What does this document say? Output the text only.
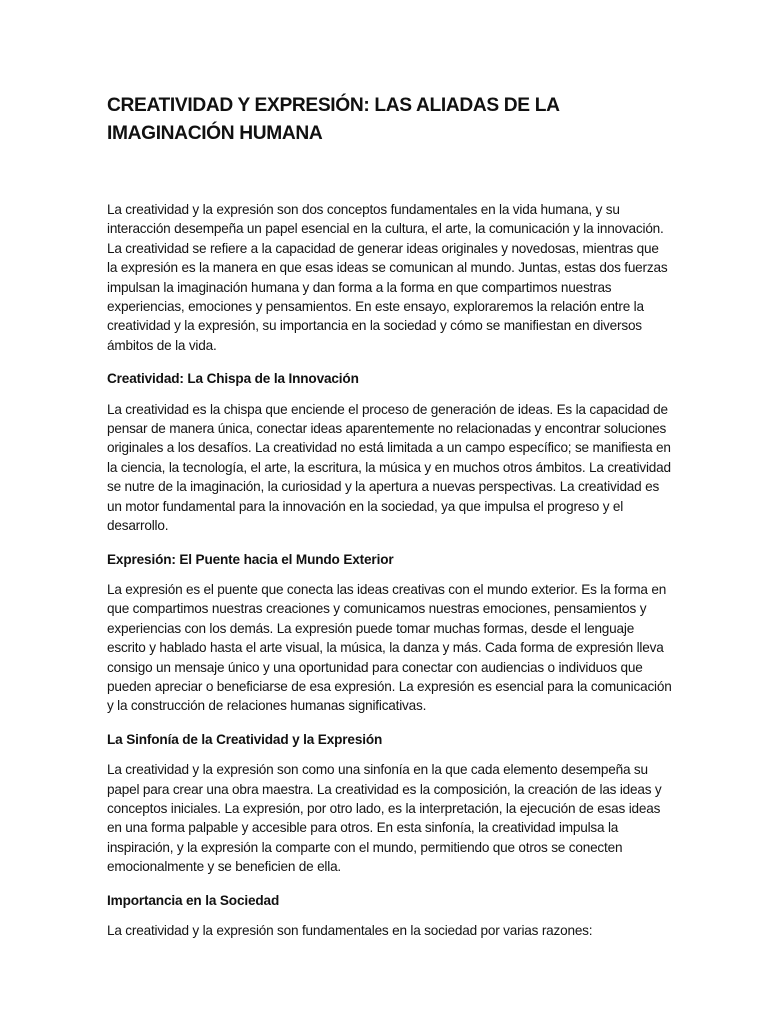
CREATIVIDAD Y EXPRESIÓN: LAS ALIADAS DE LA IMAGINACIÓN HUMANA

La creatividad y la expresión son dos conceptos fundamentales en la vida humana, y su interacción desempeña un papel esencial en la cultura, el arte, la comunicación y la innovación. La creatividad se refiere a la capacidad de generar ideas originales y novedosas, mientras que la expresión es la manera en que esas ideas se comunican al mundo. Juntas, estas dos fuerzas impulsan la imaginación humana y dan forma a la forma en que compartimos nuestras experiencias, emociones y pensamientos. En este ensayo, exploraremos la relación entre la creatividad y la expresión, su importancia en la sociedad y cómo se manifiestan en diversos ámbitos de la vida.

Creatividad: La Chispa de la Innovación

La creatividad es la chispa que enciende el proceso de generación de ideas. Es la capacidad de pensar de manera única, conectar ideas aparentemente no relacionadas y encontrar soluciones originales a los desafíos. La creatividad no está limitada a un campo específico; se manifiesta en la ciencia, la tecnología, el arte, la escritura, la música y en muchos otros ámbitos. La creatividad se nutre de la imaginación, la curiosidad y la apertura a nuevas perspectivas. La creatividad es un motor fundamental para la innovación en la sociedad, ya que impulsa el progreso y el desarrollo.

Expresión: El Puente hacia el Mundo Exterior

La expresión es el puente que conecta las ideas creativas con el mundo exterior. Es la forma en que compartimos nuestras creaciones y comunicamos nuestras emociones, pensamientos y experiencias con los demás. La expresión puede tomar muchas formas, desde el lenguaje escrito y hablado hasta el arte visual, la música, la danza y más. Cada forma de expresión lleva consigo un mensaje único y una oportunidad para conectar con audiencias o individuos que pueden apreciar o beneficiarse de esa expresión. La expresión es esencial para la comunicación y la construcción de relaciones humanas significativas.

La Sinfonía de la Creatividad y la Expresión

La creatividad y la expresión son como una sinfonía en la que cada elemento desempeña su papel para crear una obra maestra. La creatividad es la composición, la creación de las ideas y conceptos iniciales. La expresión, por otro lado, es la interpretación, la ejecución de esas ideas en una forma palpable y accesible para otros. En esta sinfonía, la creatividad impulsa la inspiración, y la expresión la comparte con el mundo, permitiendo que otros se conecten emocionalmente y se beneficien de ella.

Importancia en la Sociedad

La creatividad y la expresión son fundamentales en la sociedad por varias razones:
